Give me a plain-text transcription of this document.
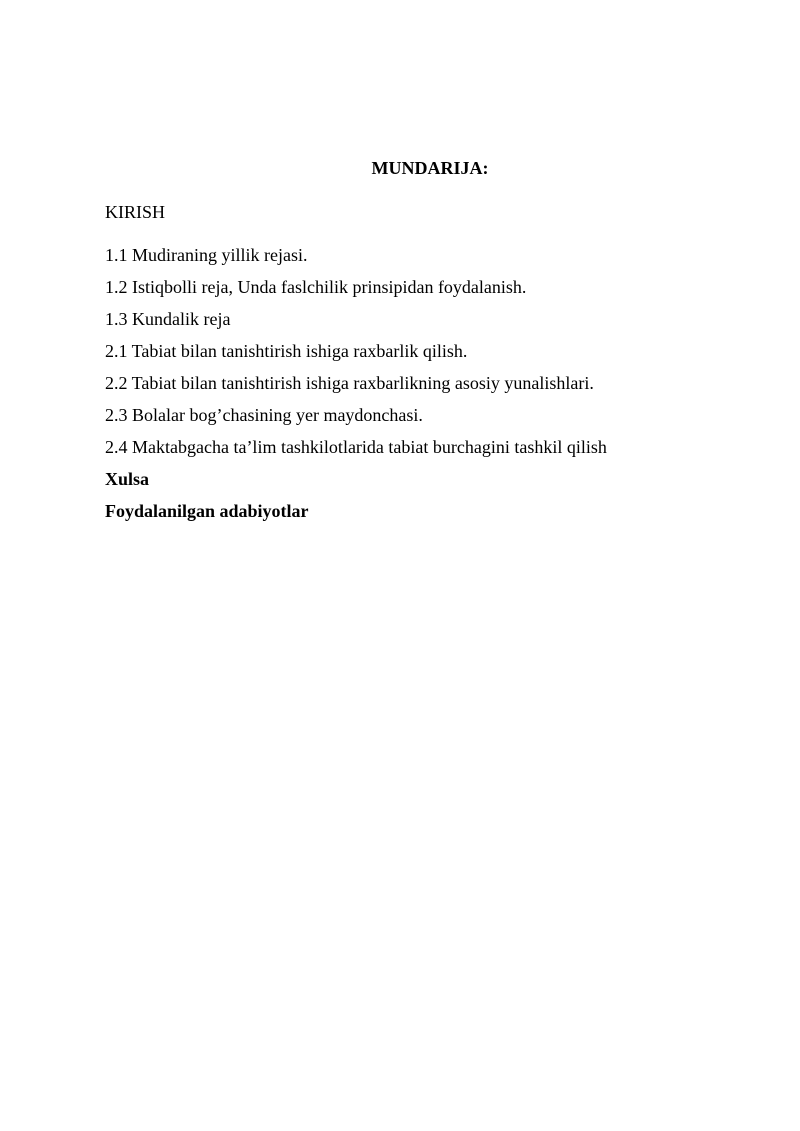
MUNDARIJA:
KIRISH
1.1 Mudiraning yillik rejasi.
1.2 Istiqbolli reja, Unda faslchilik prinsipidan foydalanish.
1.3 Kundalik reja
2.1 Tabiat bilan tanishtirish ishiga raxbarlik qilish.
2.2 Tabiat bilan tanishtirish ishiga raxbarlikning asosiy yunalishlari.
2.3 Bolalar bog’chasining yer maydonchasi.
2.4 Maktabgacha ta’lim tashkilotlarida tabiat burchagini tashkil qilish
Xulsa
Foydalanilgan adabiyotlar
